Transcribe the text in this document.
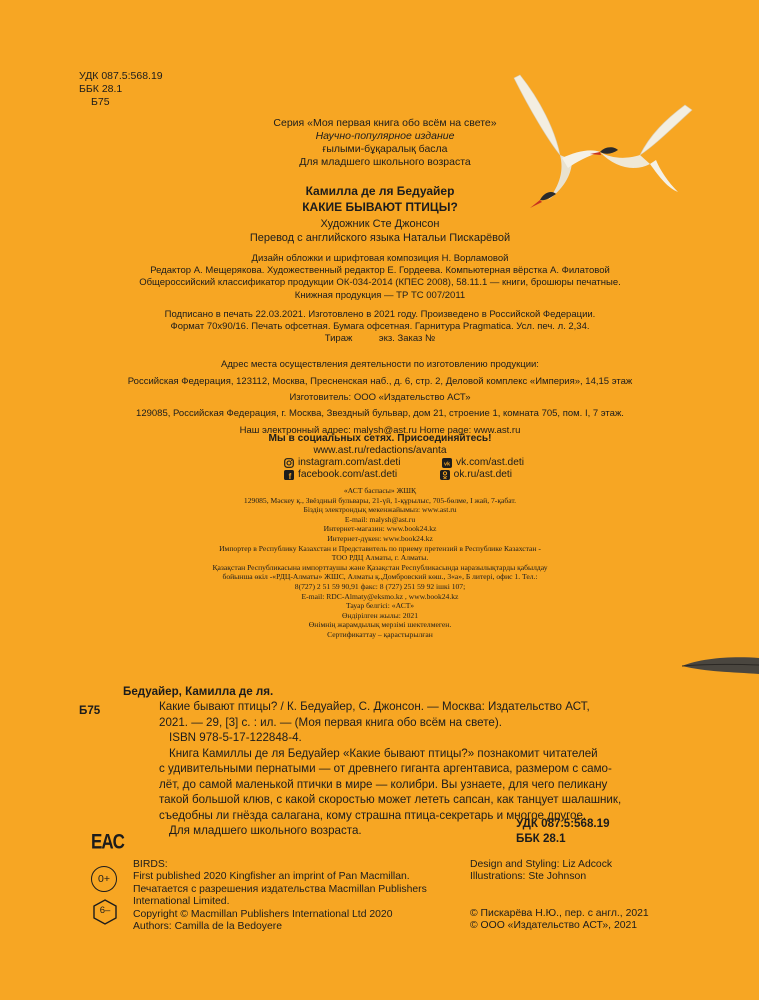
УДК 087.5:568.19
ББК 28.1
Б75
Серия «Моя первая книга обо всём на свете»
Научно-популярное издание
ғылыми-бұқаралық басла
Для младшего школьного возраста
Камилла де ля Бедуайер
КАКИЕ БЫВАЮТ ПТИЦЫ?
Художник Сте Джонсон
Перевод с английского языка Натальи Пискарёвой
Дизайн обложки и шрифтовая композиция Н. Ворламовой
Редактор А. Мещерякова. Художественный редактор Е. Гордеева. Компьютерная вёрстка А. Филатовой
Общероссийский классификатор продукции ОК-034-2014 (КПЕС 2008), 58.11.1 — книги, брошюры печатные.
Книжная продукция — ТР ТС 007/2011
Подписано в печать 22.03.2021. Изготовлено в 2021 году. Произведено в Российской Федерации.
Формат 70x90/16. Печать офсетная. Бумага офсетная. Гарнитура Pragmatica. Усл. печ. л. 2,34.
Тираж          экз. Заказ №
Адрес места осуществления деятельности по изготовлению продукции:
Российская Федерация, 123112, Москва, Пресненская наб., д. 6, стр. 2, Деловой комплекс «Империя», 14,15 этаж
Изготовитель: ООО «Издательство АСТ»
129085, Российская Федерация, г. Москва, Звездный бульвар, дом 21, строение 1, комната 705, пом. I, 7 этаж.
Наш электронный адрес: malysh@ast.ru Home page: www.ast.ru
Мы в социальных сетях. Присоединяйтесь!
www.ast.ru/redactions/avanta
instagram.com/ast.deti	vk vk.com/ast.deti
f facebook.com/ast.deti	ok.ru/ast.deti
«АСТ баспасы» ЖШҚ
129085, Мәскеу қ., Звёздный бульвары, 21-үй, 1-құрылыс, 705-бөлме, I жай, 7-қабат.
Біздің электрондық мекенжайымыз: www.ast.ru
E-mail: malysh@ast.ru
Интернет-магазин: www.book24.kz
Интернет-дүкен: www.book24.kz
Импортер в Республику Казахстан и Представитель по приему претензий в Республике Казахстан -
ТОО РДЦ Алматы, г. Алматы.
Қазақстан Республикасына импорттаушы және Қазақстан Республикасында наразылықтарды қабылдау
бойынша өкіл -«РДЦ-Алматы» ЖШС, Алматы қ.,Домбровский көш., 3«а», Б литері, офис 1. Тел.:
8(727) 2 51 59 90,91 факс: 8 (727) 251 59 92 ішкі 107;
E-mail: RDC-Almaty@eksmo.kz , www.book24.kz
Тауар белгісі: «АСТ»
Өндірілген жылы: 2021
Өнімнің жарамдылық мерзімі шектелмеген.
Сертификаттау – қарастырылған
Б75
Бедуайер, Камилла де ля.
Какие бывают птицы? / К. Бедуайер, С. Джонсон. — Москва: Издательство АСТ,
2021. — 29, [3] с. : ил. — (Моя первая книга обо всём на свете).
ISBN 978-5-17-122848-4.
Книга Камиллы де ля Бедуайер «Какие бывают птицы?» познакомит читателей
с удивительными пернатыми — от древнего гиганта аргентависа, размером с само-
лёт, до самой маленькой птички в мире — колибри. Вы узнаете, для чего пеликану
такой большой клюв, с какой скоростью может лететь сапсан, как танцует шалашник,
съедобны ли гнёзда салагана, кому страшна птица-секретарь и многое другое.
Для младшего школьного возраста.
УДК 087.5:568.19
ББК 28.1
EAC
0+
6–
BIRDS:
First published 2020 Kingfisher an imprint of Pan Macmillan.
Печатается с разрешения издательства Macmillan Publishers
International Limited.
Copyright © Macmillan Publishers International Ltd 2020
Authors: Camilla de la Bedoyere
Design and Styling: Liz Adcock
Illustrations: Ste Johnson
© Пискарёва Н.Ю., пер. с англ., 2021
© ООО «Издательство АСТ», 2021
